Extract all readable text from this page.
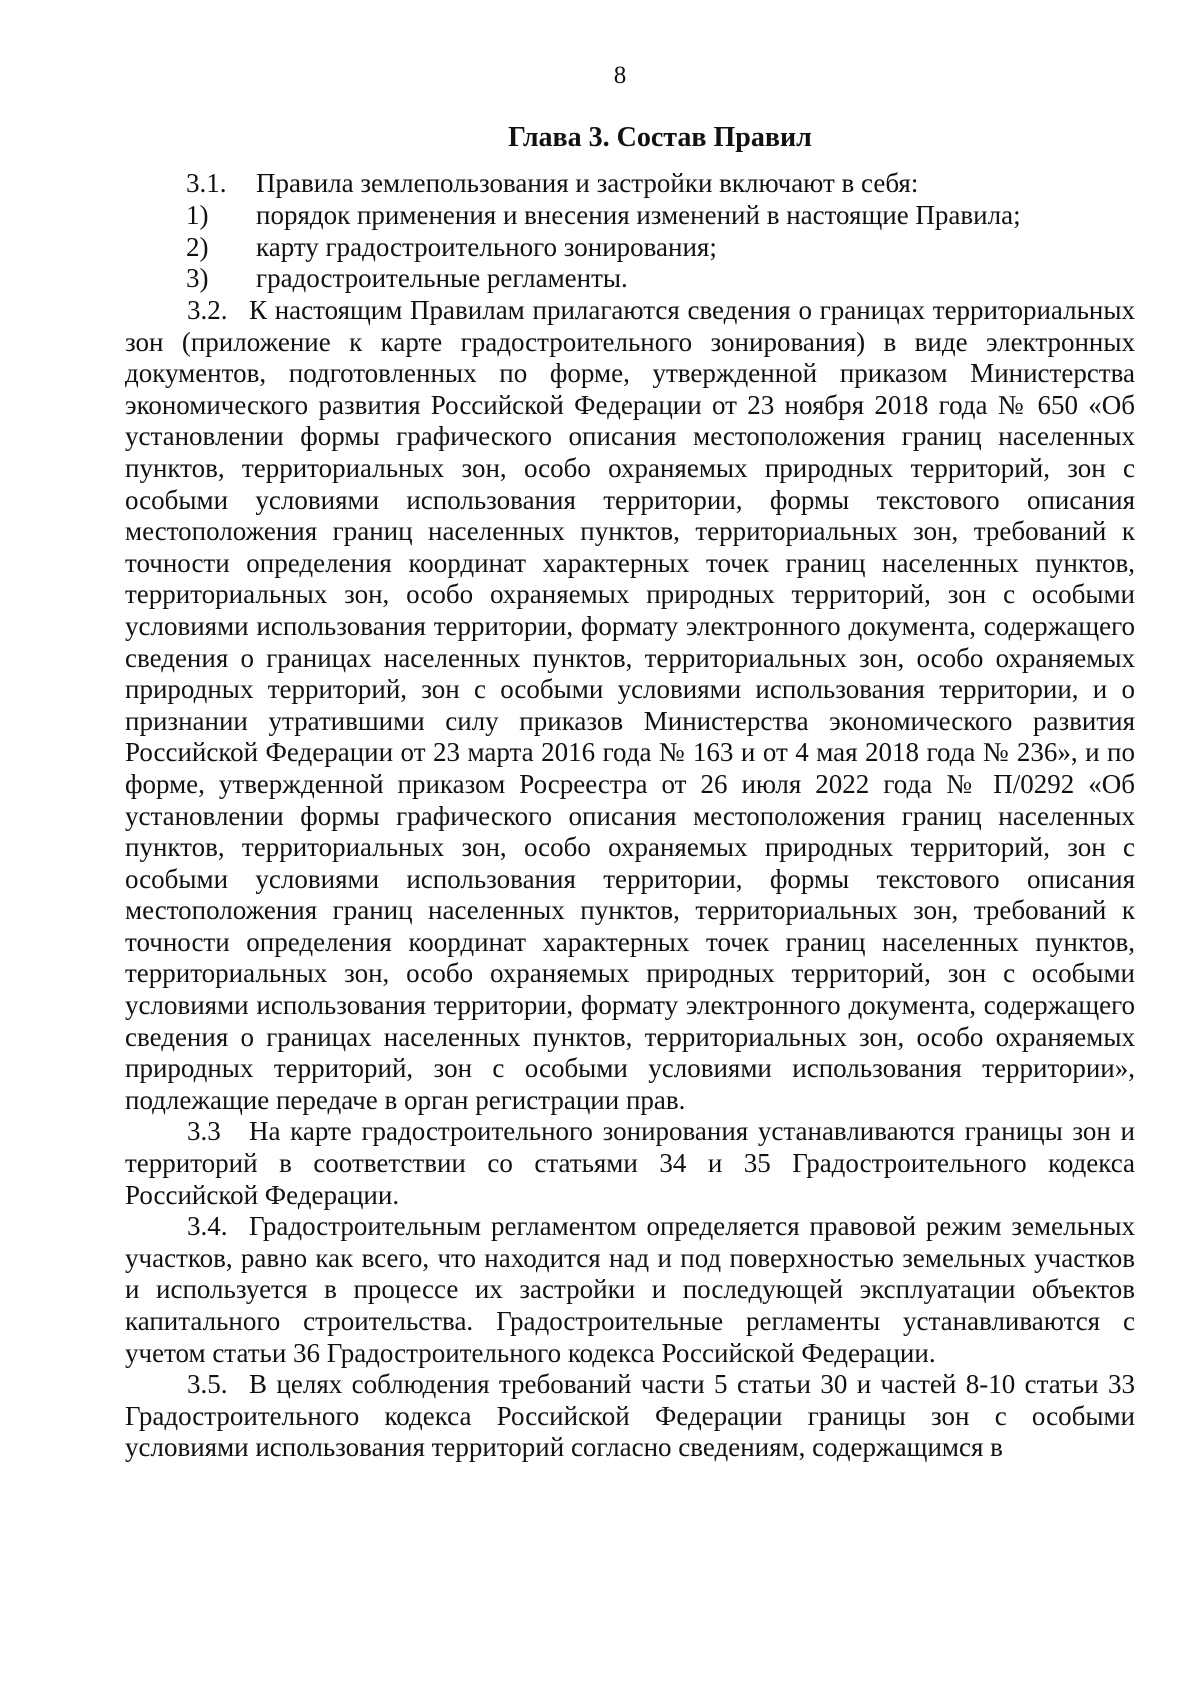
8
Глава 3. Состав Правил
3.1.	Правила землепользования и застройки включают в себя:
1)	порядок применения и внесения изменений в настоящие Правила;
2)	карту градостроительного зонирования;
3)	градостроительные регламенты.

3.2. К настоящим Правилам прилагаются сведения о границах территориальных зон (приложение к карте градостроительного зонирования) в виде электронных документов, подготовленных по форме, утвержденной приказом Министерства экономического развития Российской Федерации от 23 ноября 2018 года № 650 «Об установлении формы графического описания местоположения границ населенных пунктов, территориальных зон, особо охраняемых природных территорий, зон с особыми условиями использования территории, формы текстового описания местоположения границ населенных пунктов, территориальных зон, требований к точности определения координат характерных точек границ населенных пунктов, территориальных зон, особо охраняемых природных территорий, зон с особыми условиями использования территории, формату электронного документа, содержащего сведения о границах населенных пунктов, территориальных зон, особо охраняемых природных территорий, зон с особыми условиями использования территории, и о признании утратившими силу приказов Министерства экономического развития Российской Федерации от 23 марта 2016 года № 163 и от 4 мая 2018 года № 236», и по форме, утвержденной приказом Росреестра от 26 июля 2022 года № П/0292 «Об установлении формы графического описания местоположения границ населенных пунктов, территориальных зон, особо охраняемых природных территорий, зон с особыми условиями использования территории, формы текстового описания местоположения границ населенных пунктов, территориальных зон, требований к точности определения координат характерных точек границ населенных пунктов, территориальных зон, особо охраняемых природных территорий, зон с особыми условиями использования территории, формату электронного документа, содержащего сведения о границах населенных пунктов, территориальных зон, особо охраняемых природных территорий, зон с особыми условиями использования территории», подлежащие передаче в орган регистрации прав.

3.3 На карте градостроительного зонирования устанавливаются границы зон и территорий в соответствии со статьями 34 и 35 Градостроительного кодекса Российской Федерации.

3.4. Градостроительным регламентом определяется правовой режим земельных участков, равно как всего, что находится над и под поверхностью земельных участков и используется в процессе их застройки и последующей эксплуатации объектов капитального строительства. Градостроительные регламенты устанавливаются с учетом статьи 36 Градостроительного кодекса Российской Федерации.

3.5. В целях соблюдения требований части 5 статьи 30 и частей 8-10 статьи 33 Градостроительного кодекса Российской Федерации границы зон с особыми условиями использования территорий согласно сведениям, содержащимся в
